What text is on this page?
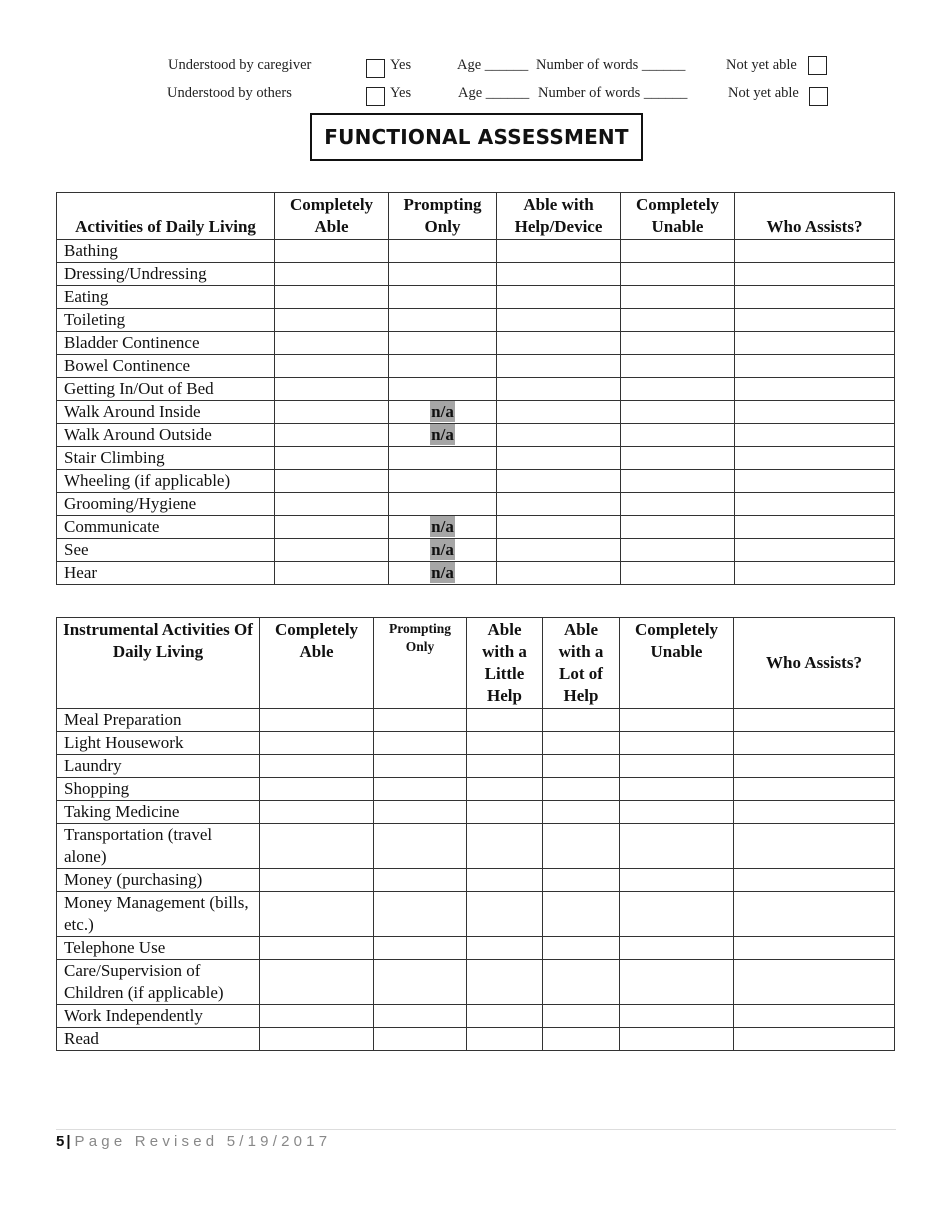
Understood by caregiver	Yes	Age ______ Number of words ______	Not yet able
Understood by others	Yes	Age ______ Number of words ______	Not yet able
FUNCTIONAL ASSESSMENT
Activities of Daily Living	Completely Able	Prompting Only	Able with Help/Device	Completely Unable	Who Assists?
Bathing					
Dressing/Undressing					
Eating					
Toileting					
Bladder Continence					
Bowel Continence					
Getting In/Out of Bed					
Walk Around Inside		n/a			
Walk Around Outside		n/a			
Stair Climbing					
Wheeling (if applicable)					
Grooming/Hygiene					
Communicate		n/a			
See		n/a			
Hear		n/a			
Instrumental Activities Of Daily Living	Completely Able	Prompting Only	Able with a Little Help	Able with a Lot of Help	Completely Unable	Who Assists?
Meal Preparation						
Light Housework						
Laundry						
Shopping						
Taking Medicine						
Transportation (travel alone)						
Money (purchasing)						
Money Management (bills, etc.)						
Telephone Use						
Care/Supervision of Children (if applicable)						
Work Independently						
Read						
5 | Page Revised 5/19/2017
